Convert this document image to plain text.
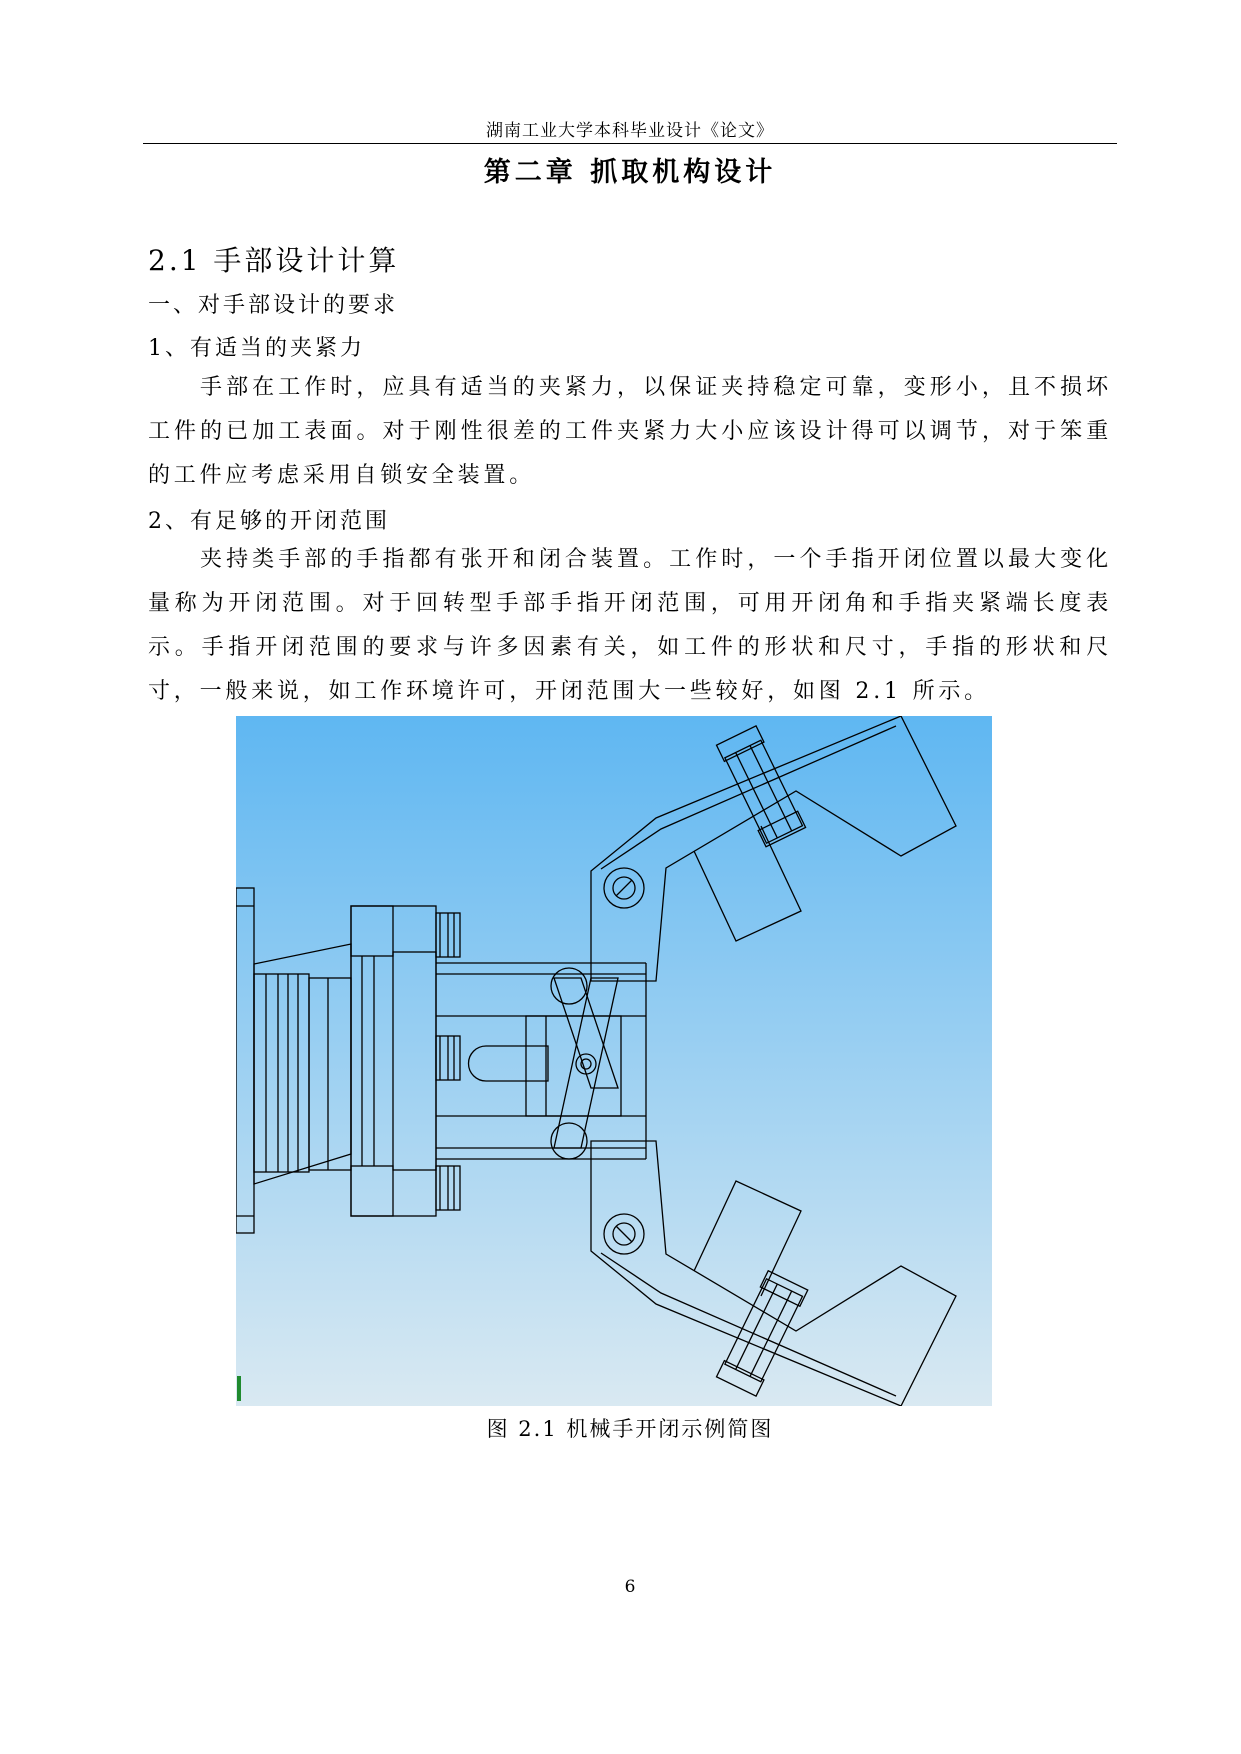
湖南工业大学本科毕业设计《论文》
第二章 抓取机构设计
2.1 手部设计计算
一、对手部设计的要求
1、有适当的夹紧力
手部在工作时，应具有适当的夹紧力，以保证夹持稳定可靠，变形小，且不损坏工件的已加工表面。对于刚性很差的工件夹紧力大小应该设计得可以调节，对于笨重的工件应考虑采用自锁安全装置。
2、有足够的开闭范围
夹持类手部的手指都有张开和闭合装置。工作时，一个手指开闭位置以最大变化量称为开闭范围。对于回转型手部手指开闭范围，可用开闭角和手指夹紧端长度表示。手指开闭范围的要求与许多因素有关，如工件的形状和尺寸，手指的形状和尺寸，一般来说，如工作环境许可，开闭范围大一些较好，如图 2.1 所示。
图 2.1 机械手开闭示例简图
6
